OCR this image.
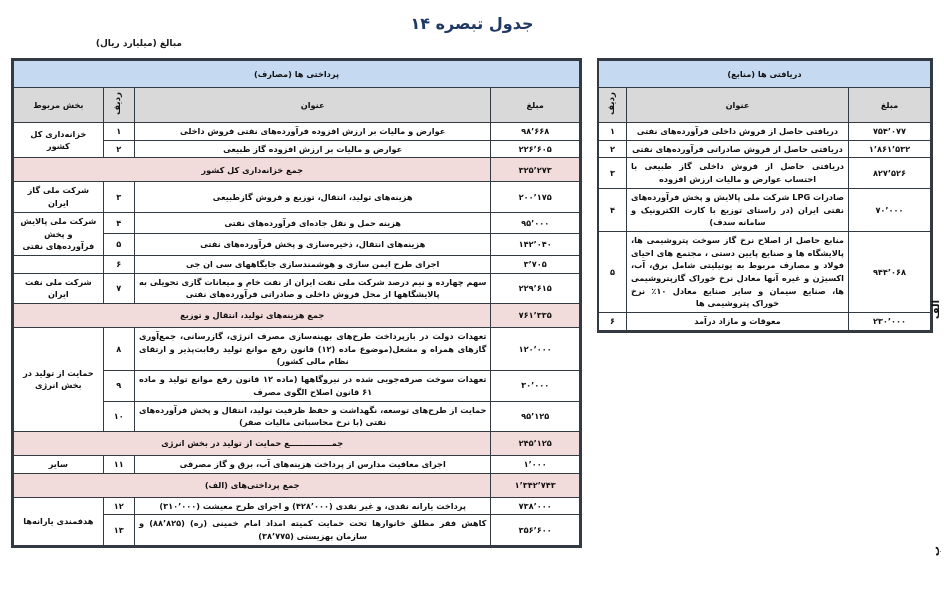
جدول تبصره ۱۴
مبالغ (میلیارد ریال)
پرداختی ها (مصارف)			
مبلغ	عنوان	ردیف	بخش مربوط
۹۸٬۶۶۸	عوارض و مالیات بر ارزش افزوده فرآورده‌های نفتی فروش داخلی	۱	خزانه‌داری کل کشور
۲۲۶٬۶۰۵	عوارض و مالیات بر ارزش افزوده گاز طبیعی	۲	
۳۲۵٬۲۷۳	جمع خزانه‌داری کل کشور		
۲۰۰٬۱۷۵	هزینه‌های تولید، انتقال، توزیع و فروش گازطبیعی	۳	شرکت ملی گاز ایران
۹۵٬۰۰۰	هزینه حمل و نقل جاده‌ای فرآورده‌های نفتی	۴	شرکت ملی پالایش و پخش
فرآورده‌های نفتی
۱۴۲٬۰۴۰	هزینه‌های انتقال، ذخیره‌سازی و پخش فرآورده‌های نفتی	۵	
۳٬۷۰۵	اجرای طرح ایمن سازی و هوشمندسازی جایگاههای سی ان جی	۶	
۲۲۹٬۶۱۵	سهم چهارده و نیم درصد شرکت ملی نفت ایران از نفت خام و میعانات گازی تحویلی به پالایشگاهها از محل فروش داخلی و صادراتی فرآورده‌های نفتی	۷	شرکت ملی نفت ایران
۷۶۱٬۳۳۵	جمع هزینه‌های تولید، انتقال و توزیع		
۱۲۰٬۰۰۰	تعهدات دولت در بازپرداخت طرح‌های بهینه‌سازی مصرف انرژی، گازرسانی، جمع‌آوری گازهای همراه و مشعل(موضوع ماده (۱۲) قانون رفع موانع تولید رقابت‌پذیر و ارتقای نظام مالی کشور)	۸	حمایت از تولید در
بخش انرژی
۳۰٬۰۰۰	تعهدات سوخت صرفه‌جویی شده در نیروگاهها (ماده ۱۲ قانون رفع موانع تولید و ماده ۶۱ قانون اصلاح الگوی مصرف	۹	
۹۵٬۱۲۵	حمایت از طرح‌های توسعه، نگهداشت و حفظ ظرفیت تولید، انتقال و پخش فرآورده‌های نفتی (با نرخ محاسباتی مالیات صفر)	۱۰	
۲۴۵٬۱۲۵	جمـــــــــــــــع حمایت از تولید در بخش انرژی		
۱٬۰۰۰	اجرای معافیت مدارس از پرداخت هزینه‌های آب، برق و گاز مصرفی	۱۱	سایر
۱٬۳۴۲٬۷۴۳	جمع پرداختی‌های (الف)		
۷۳۸٬۰۰۰	پرداخت یارانه نقدی، و غیر نقدی (۴۲۸٬۰۰۰) و اجرای طرح معیشت (۳۱۰٬۰۰۰)	۱۲	هدفمندی یارانه‌ها
۳۵۶٬۶۰۰	کاهش فقر مطلق خانوارها تحت حمایت کمیته امداد امام خمینی (ره) (۸۸٬۸۲۵) و سازمان بهزیستی (۳۸٬۷۷۵)	۱۳	
دریافتی ها (منابع)		
مبلغ	عنوان	ردیف
۷۵۴٬۰۷۷	دریافتی حاصل از فروش داخلی فرآورده‌های نفتی	۱
۱٬۸۶۱٬۵۳۲	دریافتی حاصل از فروش صادراتی فرآورده‌های نفتی	۲
۸۲۷٬۵۲۶	دریافتی حاصل از فروش داخلی گاز طبیعی با احتساب عوارض و مالیات ارزش افزوده	۳
۷۰٬۰۰۰	صادرات LPG شرکت ملی پالایش و پخش فرآورده‌های نفتی ایران (در راستای توزیع با کارت الکترونیک و سامانه سدف)	۴
۹۴۴٬۰۶۸	منابع حاصل از اصلاح نرخ گاز سوخت پتروشیمی ها، پالایشگاه ها و صنایع پایین دستی ، مجتمع های احیای فولاد و مصارف مربوط به یوتیلیتی شامل برق، آب، اکسیژن و غیره آنها معادل نرخ خوراک گازپتروشیمی ها، صنایع سیمان و سایر صنایع معادل ۱۰٪ نرخ خوراک پتروشیمی ها	۵
۲۳۰٬۰۰۰	معوقات و مازاد درآمد	۶
الف
ب
